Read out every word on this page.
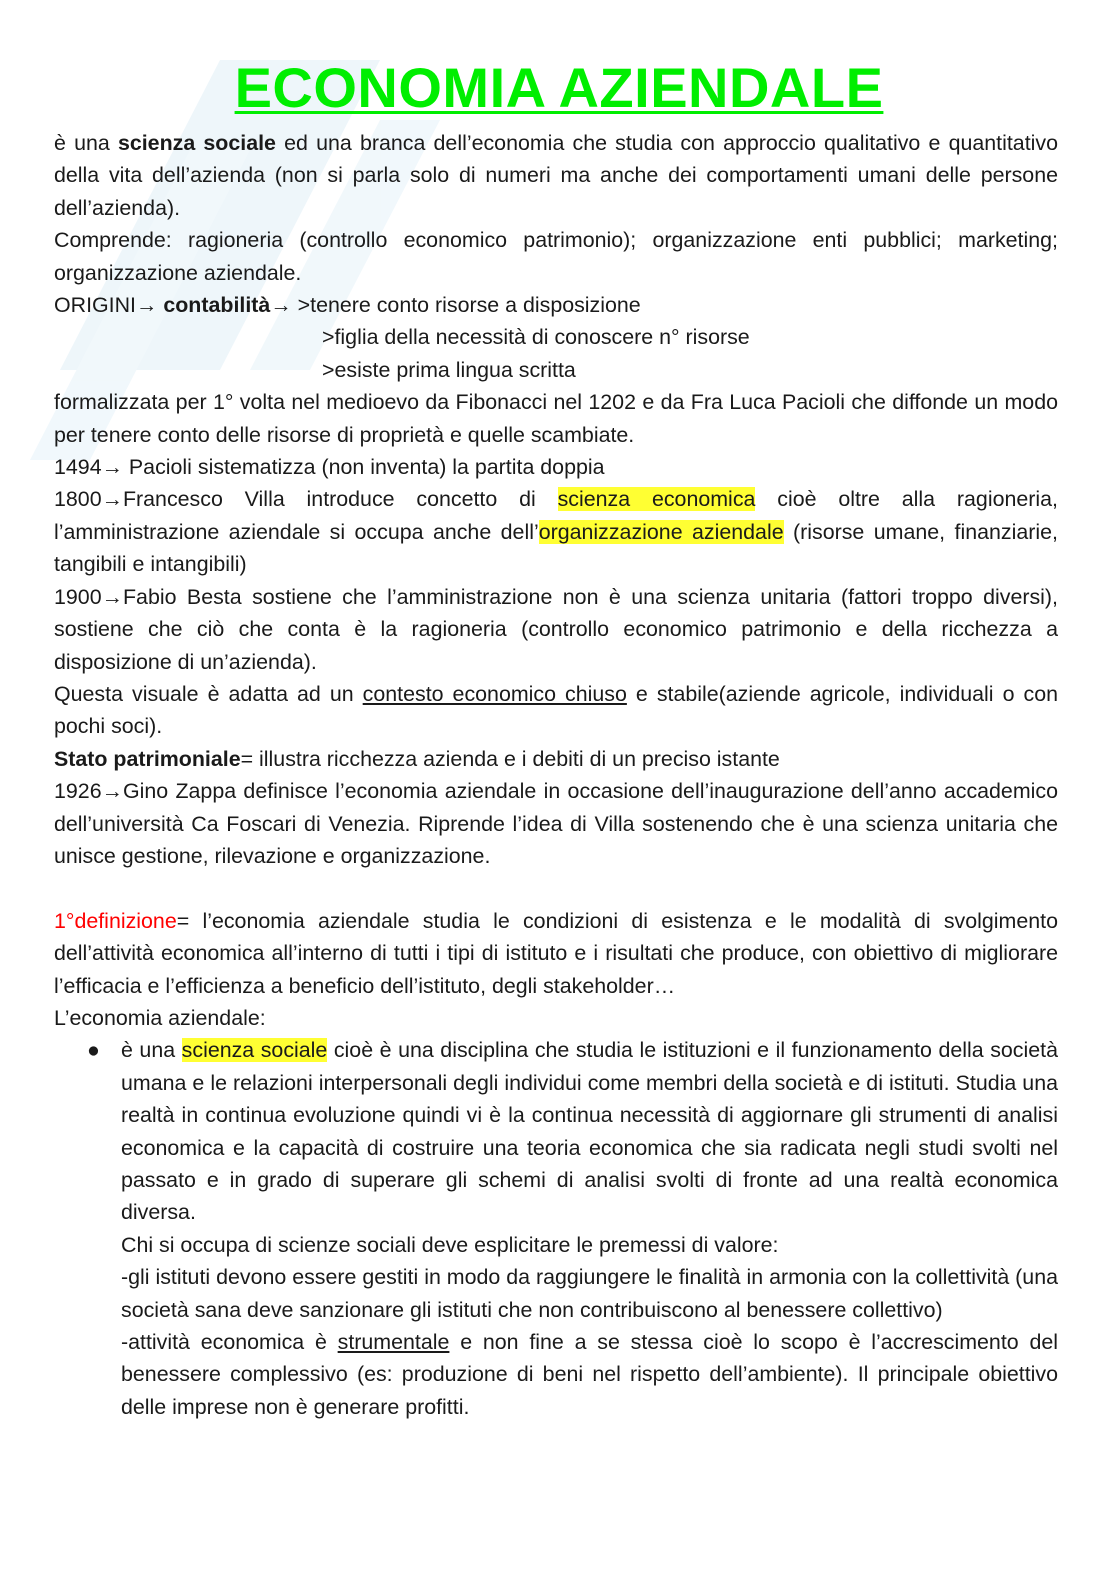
ECONOMIA AZIENDALE

è una scienza sociale ed una branca dell’economia che studia con approccio qualitativo e quantitativo della vita dell’azienda (non si parla solo di numeri ma anche dei comportamenti umani delle persone dell’azienda).

Comprende: ragioneria (controllo economico patrimonio); organizzazione enti pubblici; marketing; organizzazione aziendale.

ORIGINI→ contabilità→ >tenere conto risorse a disposizione

>figlia della necessità di conoscere n° risorse

>esiste prima lingua scritta

formalizzata per 1° volta nel medioevo da Fibonacci nel 1202 e da Fra Luca Pacioli che diffonde un modo per tenere conto delle risorse di proprietà e quelle scambiate.

1494→ Pacioli sistematizza (non inventa) la partita doppia

1800→Francesco Villa introduce concetto di scienza economica cioè oltre alla ragioneria, l’amministrazione aziendale si occupa anche dell’organizzazione aziendale (risorse umane, finanziarie, tangibili e intangibili)

1900→Fabio Besta sostiene che l’amministrazione non è una scienza unitaria (fattori troppo diversi), sostiene che ciò che conta è la ragioneria (controllo economico patrimonio e della ricchezza a disposizione di un’azienda).

Questa visuale è adatta ad un contesto economico chiuso e stabile(aziende agricole, individuali o con pochi soci).

Stato patrimoniale= illustra ricchezza azienda e i debiti di un preciso istante

1926→Gino Zappa definisce l’economia aziendale in occasione dell’inaugurazione dell’anno accademico dell’università Ca Foscari di Venezia. Riprende l’idea di Villa sostenendo che è una scienza unitaria che unisce gestione, rilevazione e organizzazione.

1°definizione= l’economia aziendale studia le condizioni di esistenza e le modalità di svolgimento dell’attività economica all’interno di tutti i tipi di istituto e i risultati che produce, con obiettivo di migliorare l’efficacia e l’efficienza a beneficio dell’istituto, degli stakeholder…

L’economia aziendale:

● è una scienza sociale cioè è una disciplina che studia le istituzioni e il funzionamento della società umana e le relazioni interpersonali degli individui come membri della società e di istituti. Studia una realtà in continua evoluzione quindi vi è la continua necessità di aggiornare gli strumenti di analisi economica e la capacità di costruire una teoria economica che sia radicata negli studi svolti nel passato e in grado di superare gli schemi di analisi svolti di fronte ad una realtà economica diversa.

Chi si occupa di scienze sociali deve esplicitare le premessi di valore:

-gli istituti devono essere gestiti in modo da raggiungere le finalità in armonia con la collettività (una società sana deve sanzionare gli istituti che non contribuiscono al benessere collettivo)

-attività economica è strumentale e non fine a se stessa cioè lo scopo è l’accrescimento del benessere complessivo (es: produzione di beni nel rispetto dell’ambiente). Il principale obiettivo delle imprese non è generare profitti.
